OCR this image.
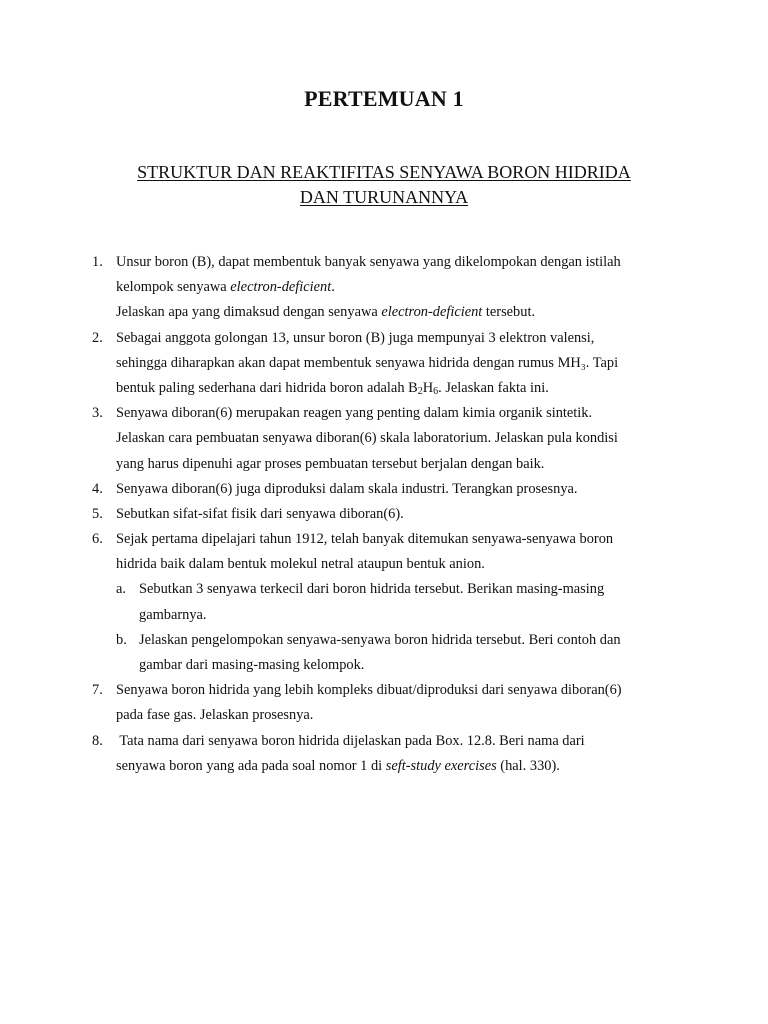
PERTEMUAN 1
STRUKTUR DAN REAKTIFITAS SENYAWA BORON HIDRIDA
DAN TURUNANNYA
1. Unsur boron (B), dapat membentuk banyak senyawa yang dikelompokan dengan istilah
kelompok senyawa electron-deficient.
Jelaskan apa yang dimaksud dengan senyawa electron-deficient tersebut.
2. Sebagai anggota golongan 13, unsur boron (B) juga mempunyai 3 elektron valensi,
sehingga diharapkan akan dapat membentuk senyawa hidrida dengan rumus MH₃. Tapi
bentuk paling sederhana dari hidrida boron adalah $B_2H_6$. Jelaskan fakta ini.
3. Senyawa diboran(6) merupakan reagen yang penting dalam kimia organik sintetik.
Jelaskan cara pembuatan senyawa diboran(6) skala laboratorium. Jelaskan pula kondisi
yang harus dipenuhi agar proses pembuatan tersebut berjalan dengan baik.
4. Senyawa diboran(6) juga diproduksi dalam skala industri. Terangkan prosesnya.
5. Sebutkan sifat-sifat fisik dari senyawa diboran(6).
6. Sejak pertama dipelajari tahun 1912, telah banyak ditemukan senyawa-senyawa boron
hidrida baik dalam bentuk molekul netral ataupun bentuk anion.
a. Sebutkan 3 senyawa terkecil dari boron hidrida tersebut. Berikan masing-masing
gambarnya.
b. Jelaskan pengelompokan senyawa-senyawa boron hidrida tersebut. Beri contoh dan
gambar dari masing-masing kelompok.
7. Senyawa boron hidrida yang lebih kompleks dibuat/diproduksi dari senyawa diboran(6)
pada fase gas. Jelaskan prosesnya.
8. Tata nama dari senyawa boron hidrida dijelaskan pada Box. 12.8. Beri nama dari
senyawa boron yang ada pada soal nomor 1 di seft-study exercises (hal. 330).
